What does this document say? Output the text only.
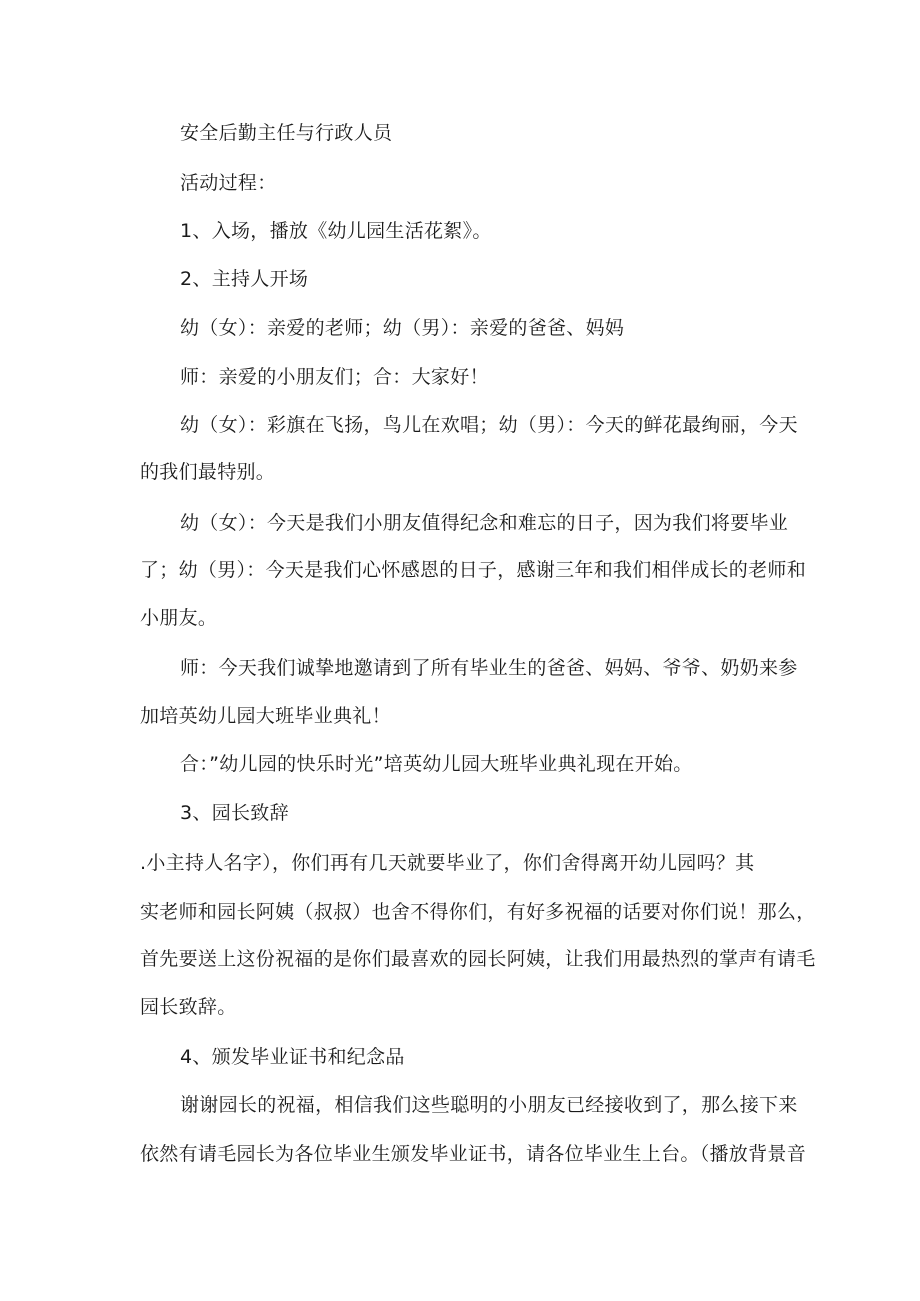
安全后勤主任与行政人员
活动过程：
1、入场，播放《幼儿园生活花絮》。
2、主持人开场
幼（女）：亲爱的老师；幼（男）：亲爱的爸爸、妈妈
师：亲爱的小朋友们；合：大家好！
幼（女）：彩旗在飞扬，鸟儿在欢唱；幼（男）：今天的鲜花最绚丽，今天
的我们最特别。
幼（女）：今天是我们小朋友值得纪念和难忘的日子，因为我们将要毕业
了；幼（男）：今天是我们心怀感恩的日子，感谢三年和我们相伴成长的老师和
小朋友。
师：今天我们诚挚地邀请到了所有毕业生的爸爸、妈妈、爷爷、奶奶来参
加培英幼儿园大班毕业典礼！
合：”幼儿园的快乐时光”培英幼儿园大班毕业典礼现在开始。
3、园长致辞
.小主持人名字），你们再有几天就要毕业了，你们舍得离开幼儿园吗？其
实老师和园长阿姨（叔叔）也舍不得你们，有好多祝福的话要对你们说！那么，
首先要送上这份祝福的是你们最喜欢的园长阿姨，让我们用最热烈的掌声有请毛
园长致辞。
4、颁发毕业证书和纪念品
谢谢园长的祝福，相信我们这些聪明的小朋友已经接收到了，那么接下来
依然有请毛园长为各位毕业生颁发毕业证书，请各位毕业生上台。（播放背景音
